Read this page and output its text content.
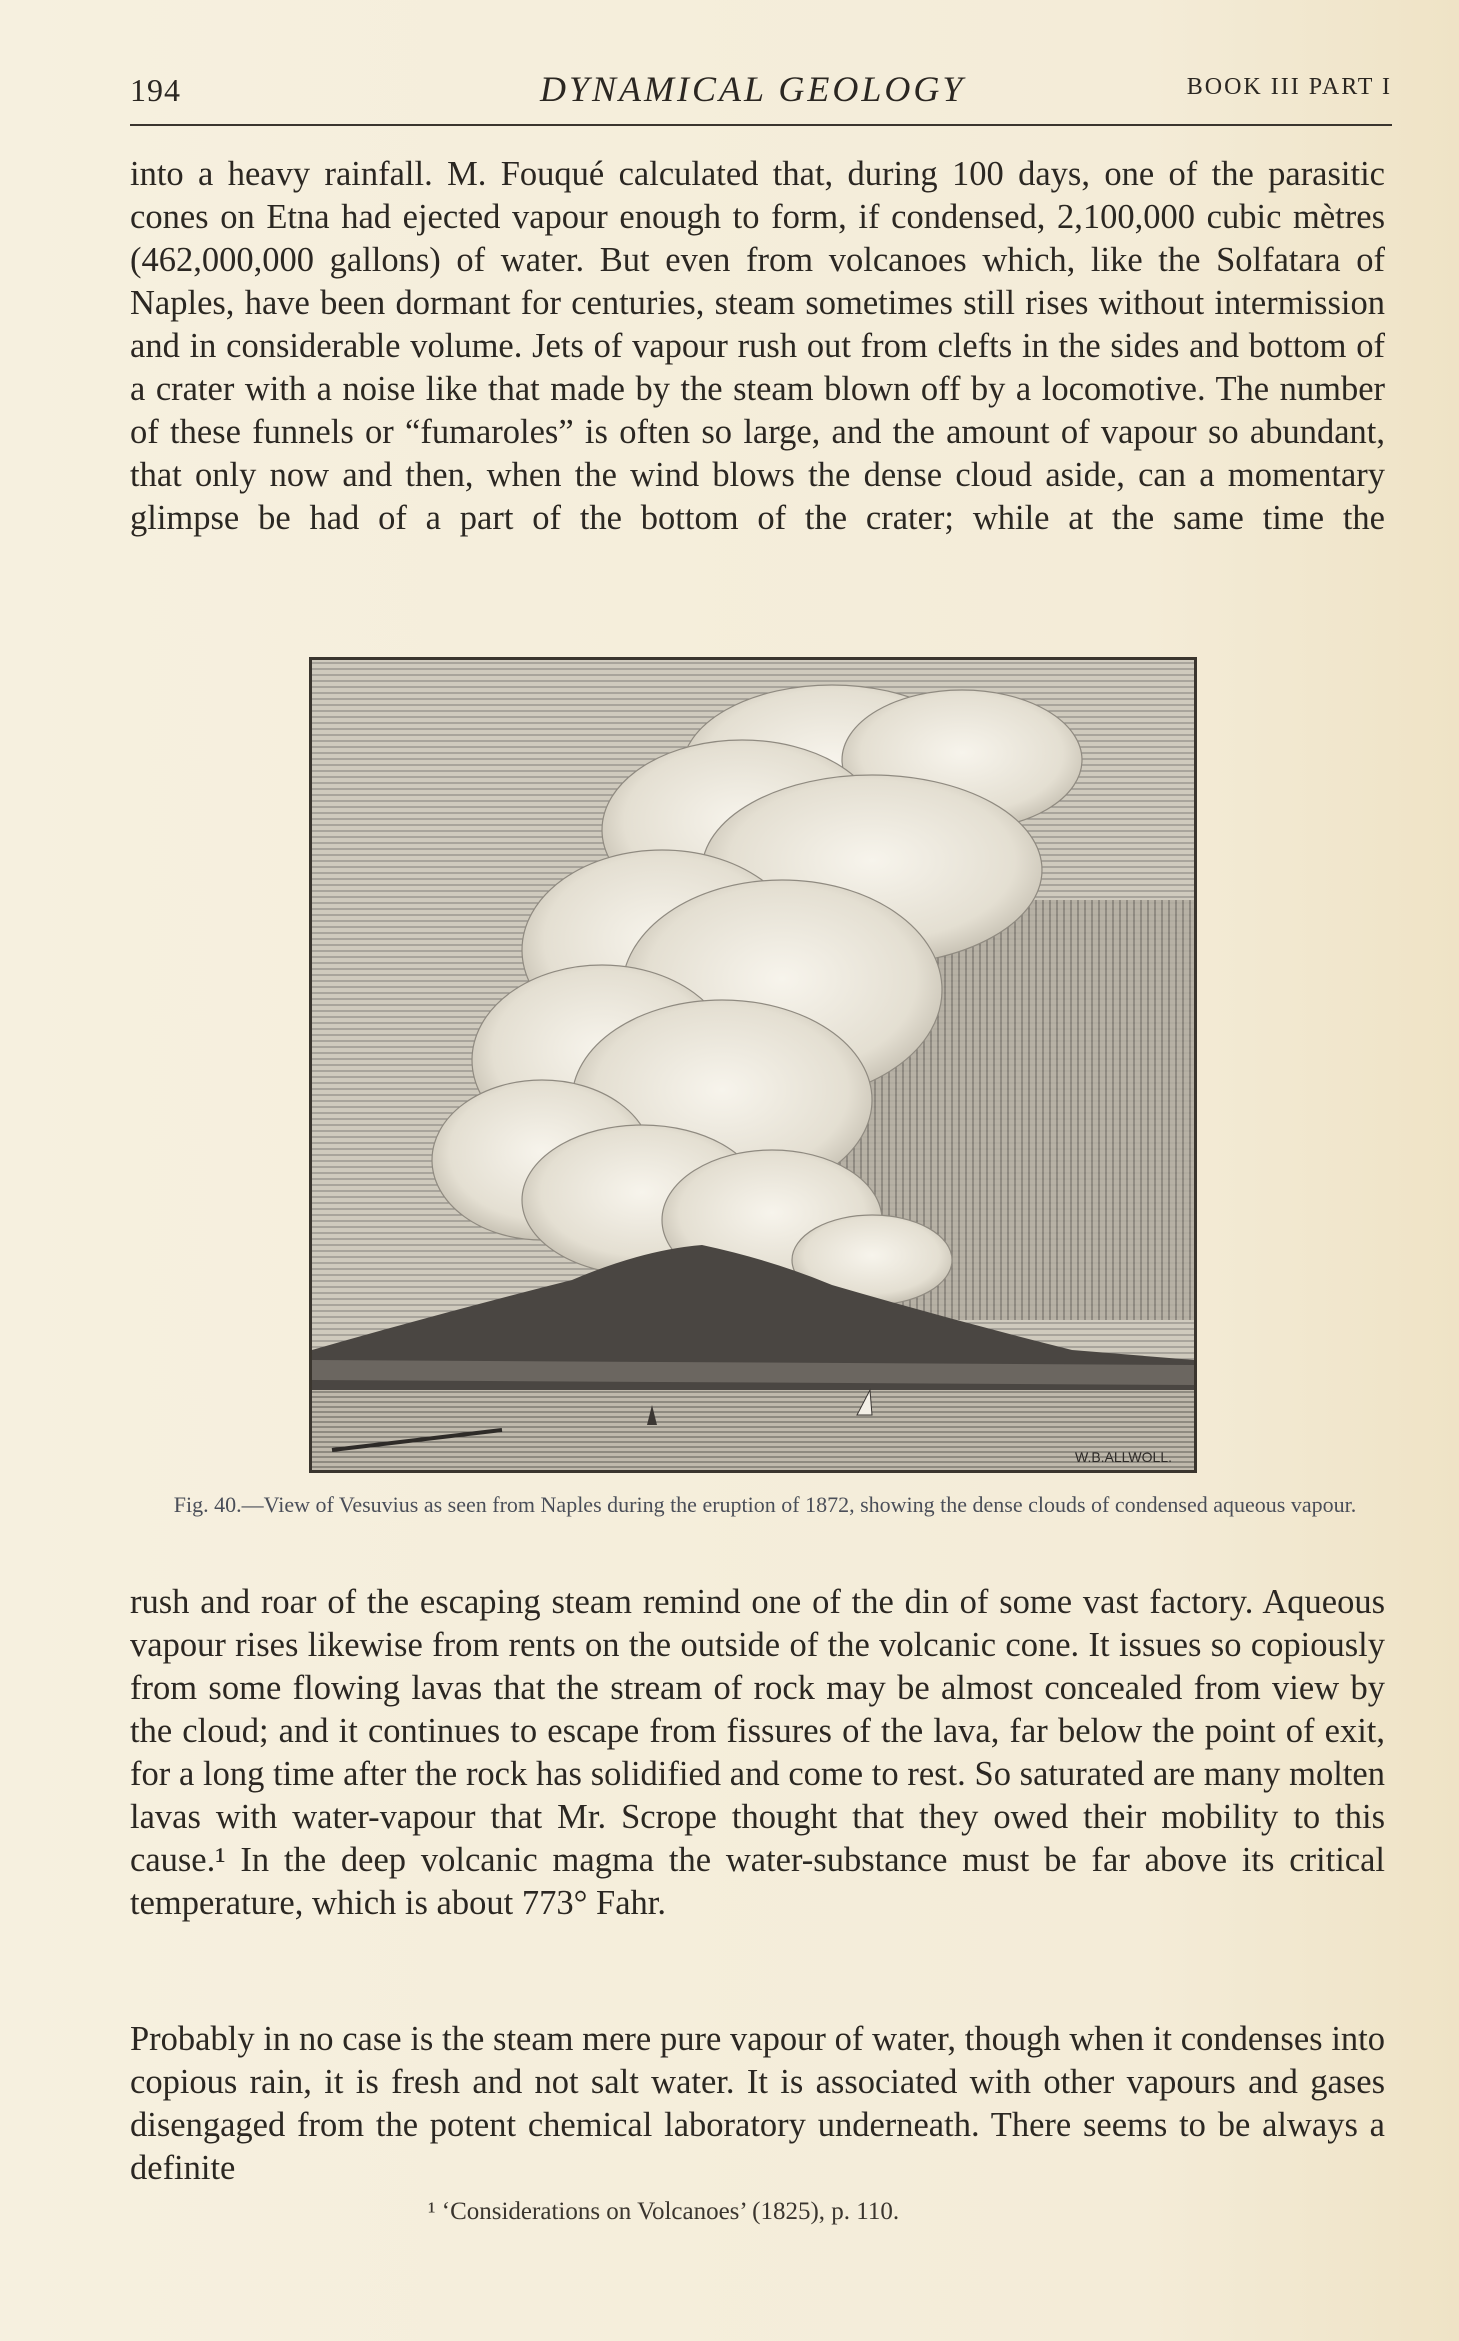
194	DYNAMICAL GEOLOGY	BOOK III PART I

into a heavy rainfall. M. Fouqué calculated that, during 100 days, one of the parasitic cones on Etna had ejected vapour enough to form, if condensed, 2,100,000 cubic mètres (462,000,000 gallons) of water. But even from volcanoes which, like the Solfatara of Naples, have been dormant for centuries, steam sometimes still rises without intermission and in considerable volume. Jets of vapour rush out from clefts in the sides and bottom of a crater with a noise like that made by the steam blown off by a locomotive. The number of these funnels or “fumaroles” is often so large, and the amount of vapour so abundant, that only now and then, when the wind blows the dense cloud aside, can a momentary glimpse be had of a part of the bottom of the crater; while at the same time the

W.B.ALLWOLL.
Fig. 40.—View of Vesuvius as seen from Naples during the eruption of 1872, showing the dense clouds of condensed aqueous vapour.

rush and roar of the escaping steam remind one of the din of some vast factory. Aqueous vapour rises likewise from rents on the outside of the volcanic cone. It issues so copiously from some flowing lavas that the stream of rock may be almost concealed from view by the cloud; and it continues to escape from fissures of the lava, far below the point of exit, for a long time after the rock has solidified and come to rest. So saturated are many molten lavas with water-vapour that Mr. Scrope thought that they owed their mobility to this cause.¹ In the deep volcanic magma the water-substance must be far above its critical temperature, which is about 773° Fahr.

Probably in no case is the steam mere pure vapour of water, though when it condenses into copious rain, it is fresh and not salt water. It is associated with other vapours and gases disengaged from the potent chemical laboratory underneath. There seems to be always a definite

¹ ‘Considerations on Volcanoes’ (1825), p. 110.
